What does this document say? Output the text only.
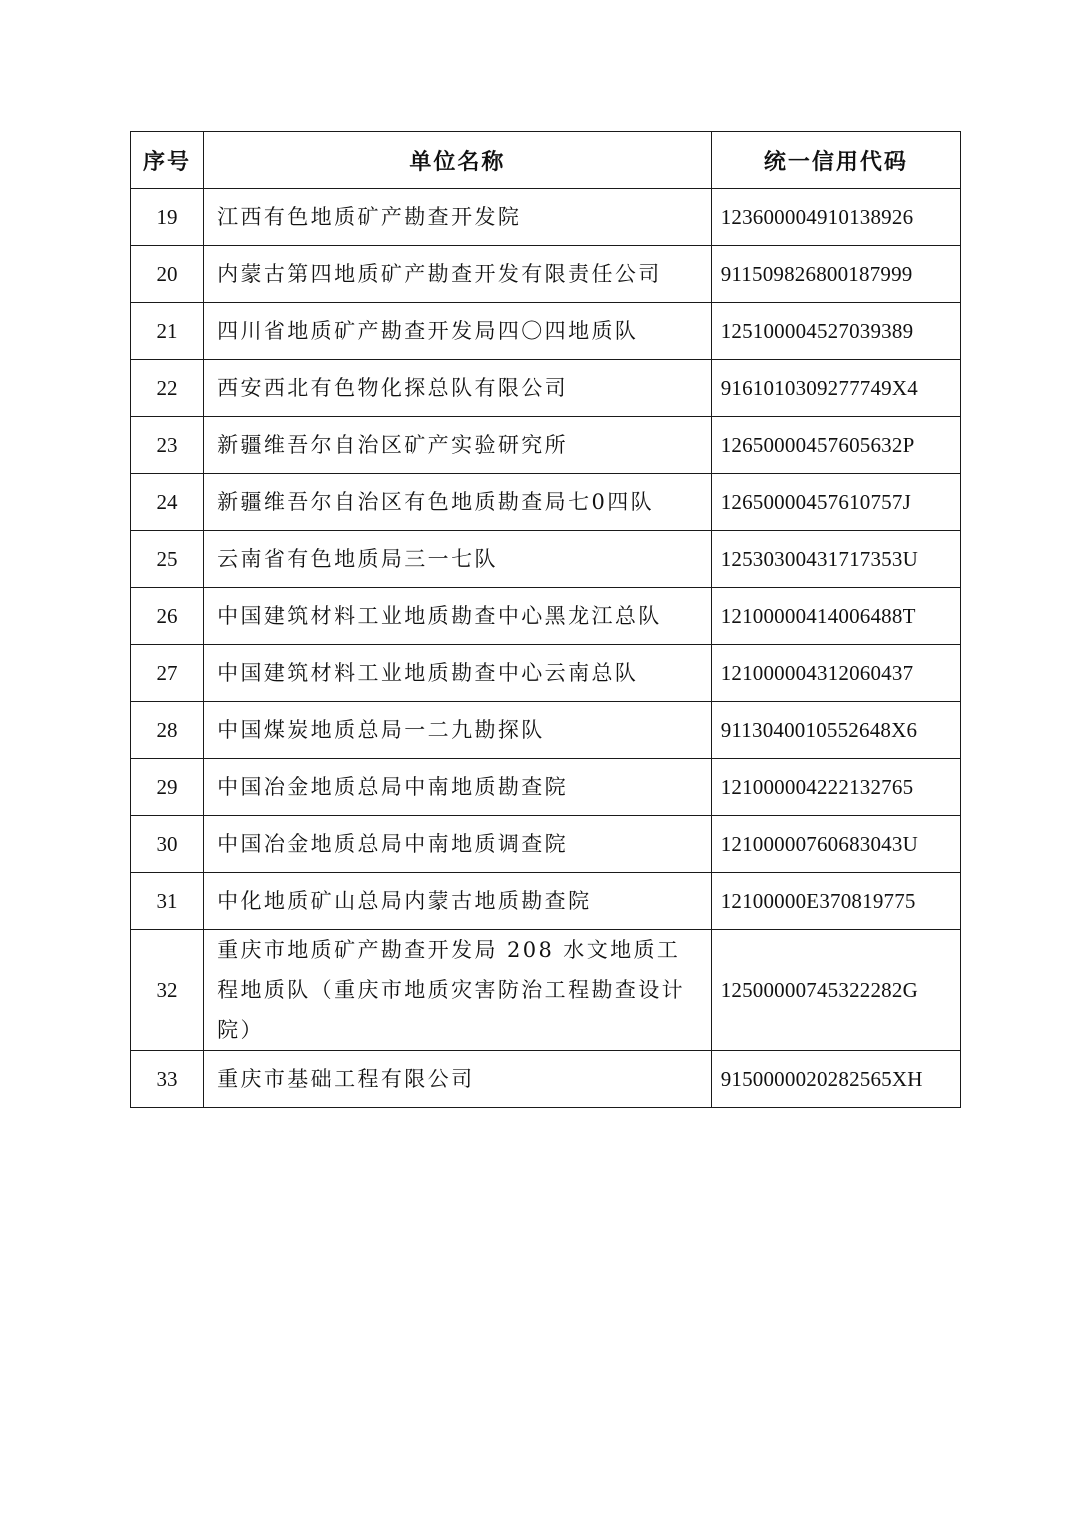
序号	单位名称	统一信用代码
19	江西有色地质矿产勘查开发院	123600004910138926
20	内蒙古第四地质矿产勘查开发有限责任公司	911509826800187999
21	四川省地质矿产勘查开发局四〇四地质队	125100004527039389
22	西安西北有色物化探总队有限公司	9161010309277749X4
23	新疆维吾尔自治区矿产实验研究所	12650000457605632P
24	新疆维吾尔自治区有色地质勘查局七0四队	12650000457610757J
25	云南省有色地质局三一七队	12530300431717353U
26	中国建筑材料工业地质勘查中心黑龙江总队	12100000414006488T
27	中国建筑材料工业地质勘查中心云南总队	121000004312060437
28	中国煤炭地质总局一二九勘探队	9113040010552648X6
29	中国冶金地质总局中南地质勘查院	121000004222132765
30	中国冶金地质总局中南地质调查院	12100000760683043U
31	中化地质矿山总局内蒙古地质勘查院	12100000E370819775
32	重庆市地质矿产勘查开发局 208 水文地质工程地质队（重庆市地质灾害防治工程勘查设计院）	12500000745322282G
33	重庆市基础工程有限公司	9150000020282565XH
